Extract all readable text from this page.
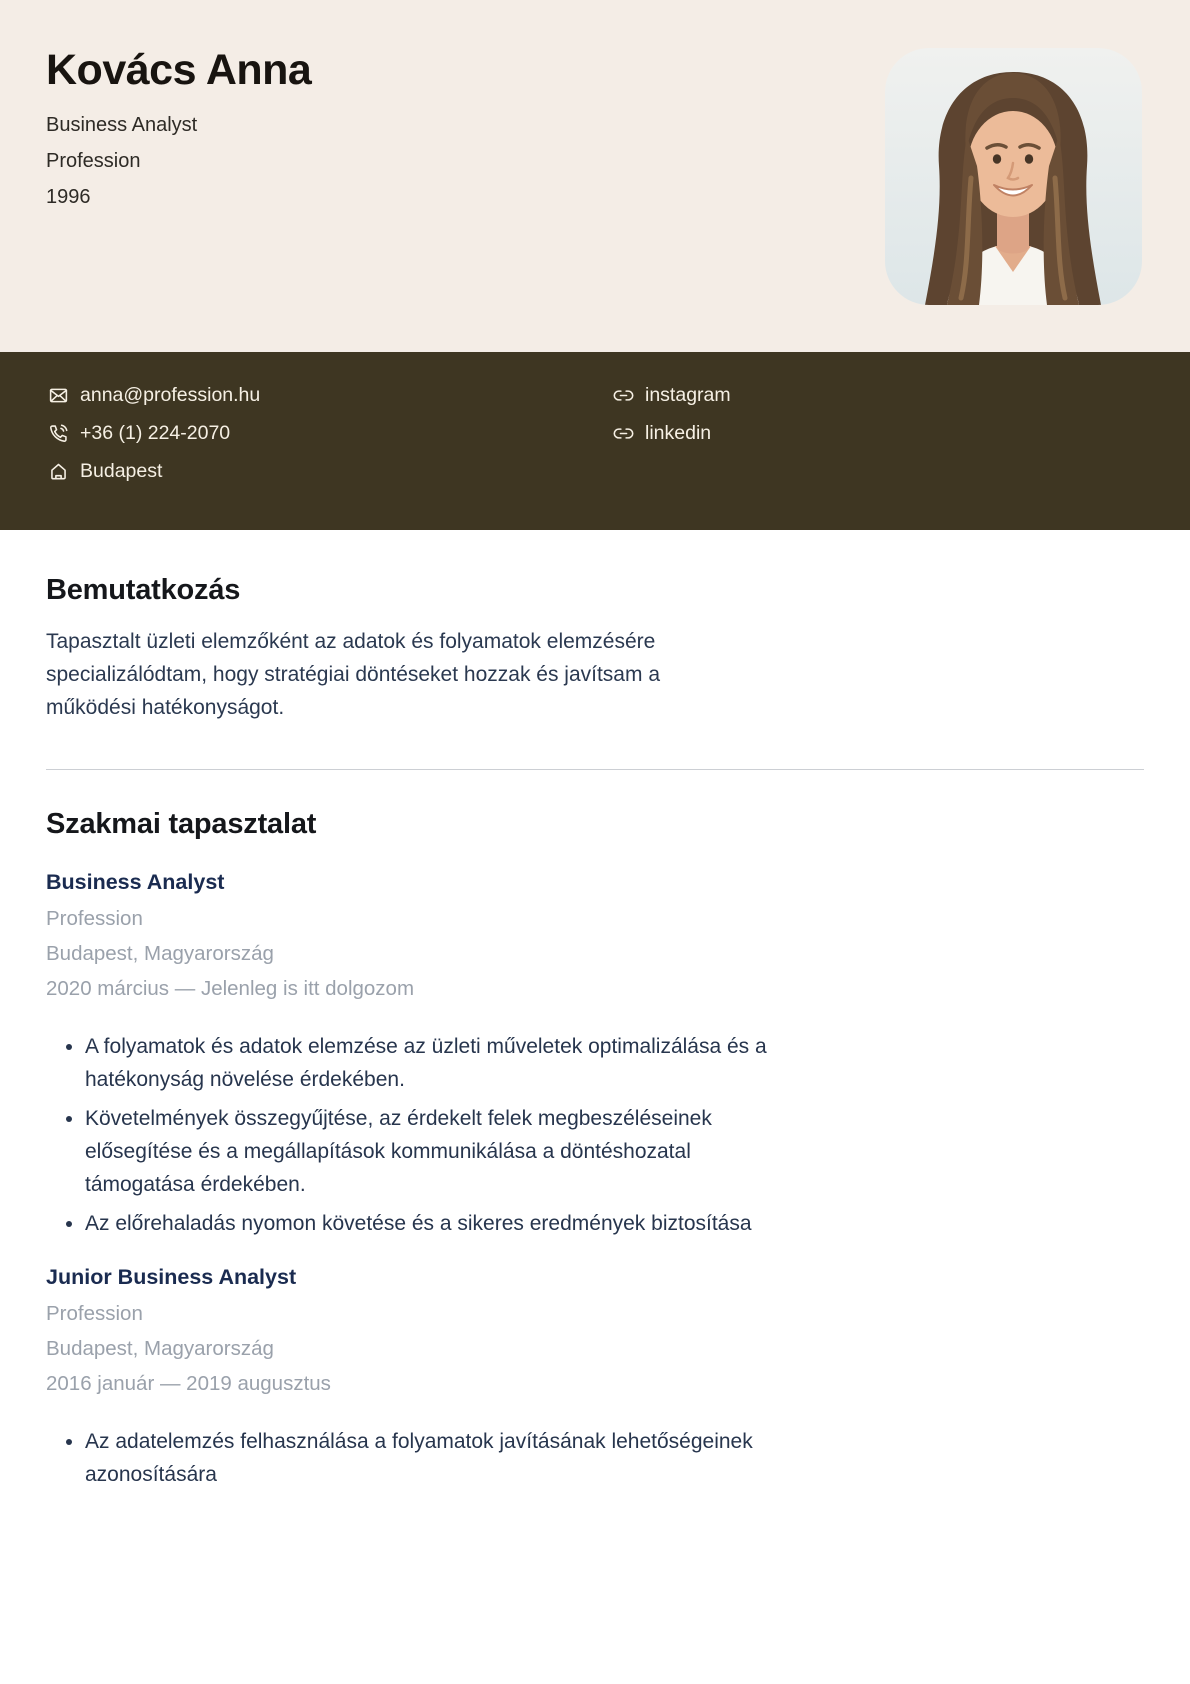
Kovács Anna
Business Analyst
Profession
1996
anna@profession.hu
+36 (1) 224-2070
Budapest
instagram
linkedin
Bemutatkozás

Tapasztalt üzleti elemzőként az adatok és folyamatok elemzésére specializálódtam, hogy stratégiai döntéseket hozzak és javítsam a működési hatékonyságot.

Szakmai tapasztalat
Business Analyst
Profession
Budapest, Magyarország
2020 március — Jelenleg is itt dolgozom
• A folyamatok és adatok elemzése az üzleti műveletek optimalizálása és a hatékonyság növelése érdekében.
• Követelmények összegyűjtése, az érdekelt felek megbeszéléseinek elősegítése és a megállapítások kommunikálása a döntéshozatal támogatása érdekében.
• Az előrehaladás nyomon követése és a sikeres eredmények biztosítása
Junior Business Analyst
Profession
Budapest, Magyarország
2016 január — 2019 augusztus
• Az adatelemzés felhasználása a folyamatok javításának lehetőségeinek azonosítására
